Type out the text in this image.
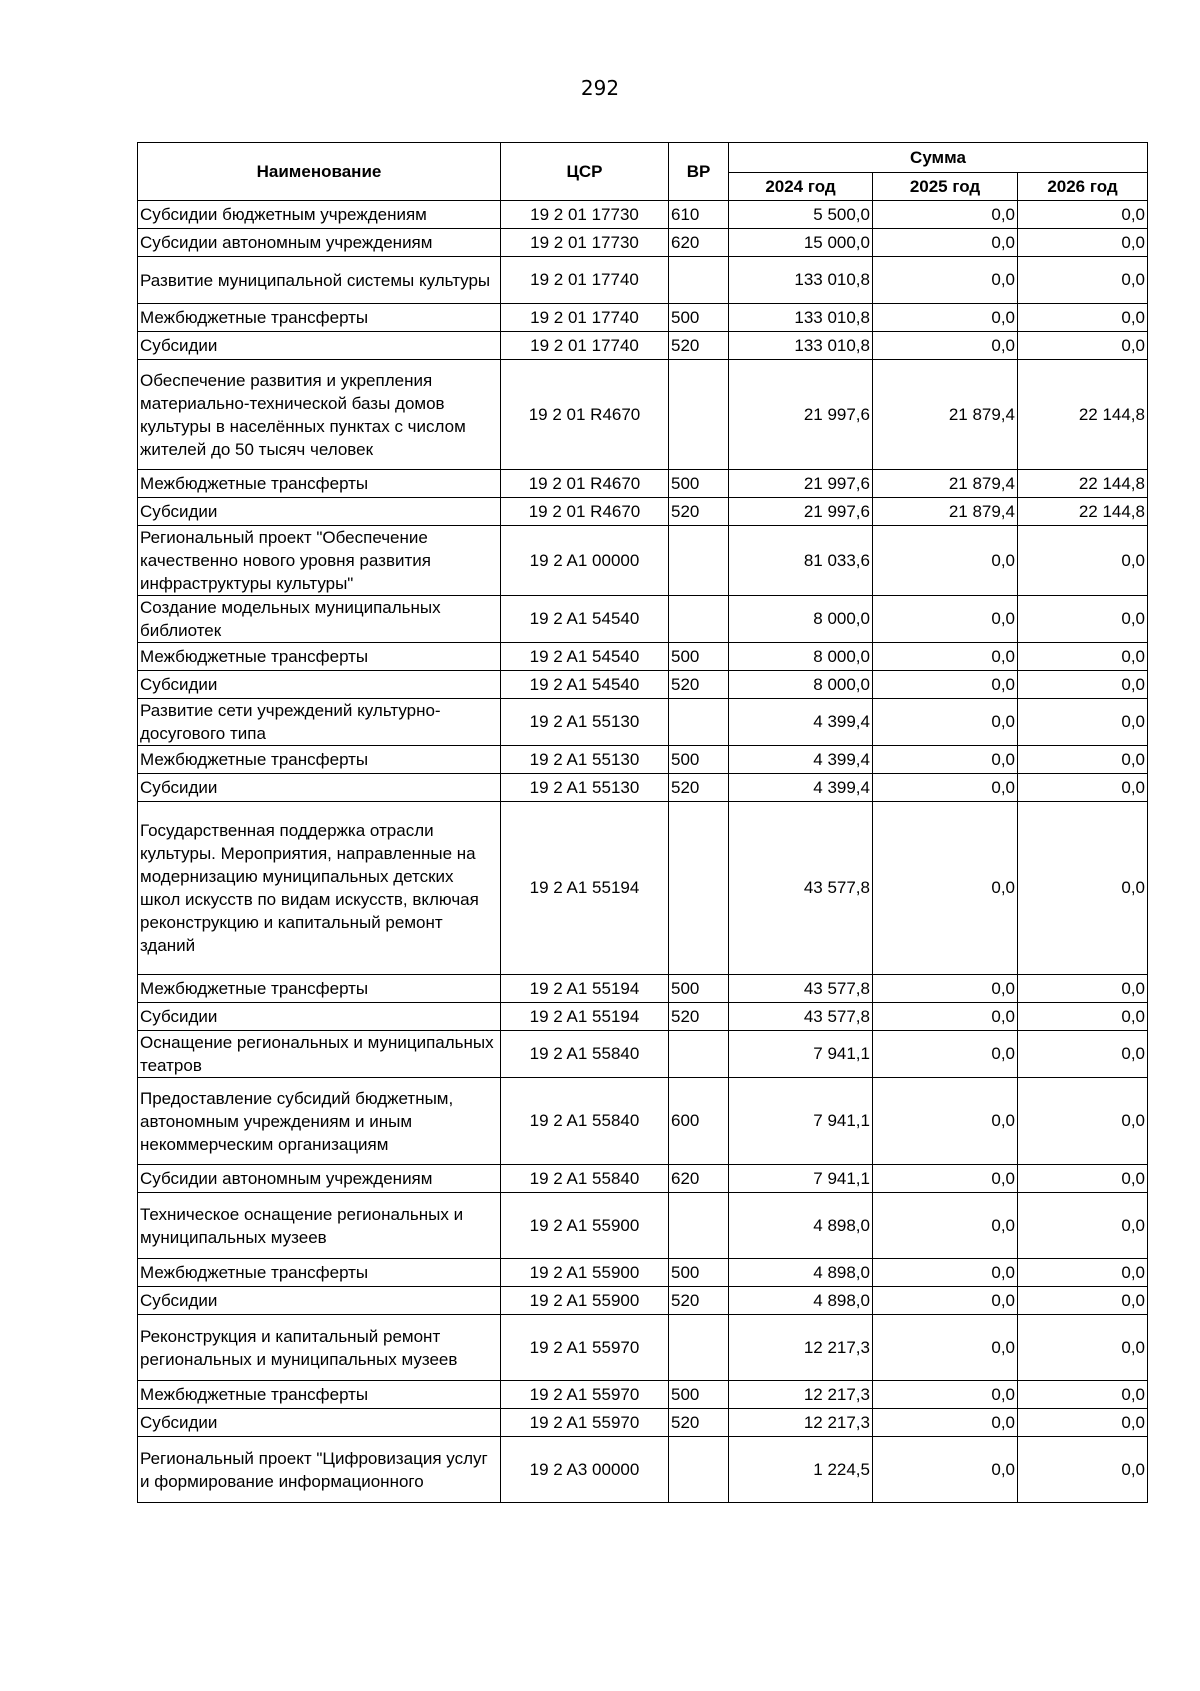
292
Наименование	ЦСР	ВР	Сумма		
			2024 год	2025 год	2026 год
Субсидии бюджетным учреждениям	19 2 01 17730	610	5 500,0	0,0	0,0
Субсидии автономным учреждениям	19 2 01 17730	620	15 000,0	0,0	0,0
Развитие муниципальной системы культуры	19 2 01 17740		133 010,8	0,0	0,0
Межбюджетные трансферты	19 2 01 17740	500	133 010,8	0,0	0,0
Субсидии	19 2 01 17740	520	133 010,8	0,0	0,0
Обеспечение развития и укрепления материально-технической базы домов культуры в населённых пунктах с числом жителей до 50 тысяч человек	19 2 01 R4670		21 997,6	21 879,4	22 144,8
Межбюджетные трансферты	19 2 01 R4670	500	21 997,6	21 879,4	22 144,8
Субсидии	19 2 01 R4670	520	21 997,6	21 879,4	22 144,8
Региональный проект "Обеспечение качественно нового уровня развития инфраструктуры культуры"	19 2 A1 00000		81 033,6	0,0	0,0
Создание модельных муниципальных библиотек	19 2 A1 54540		8 000,0	0,0	0,0
Межбюджетные трансферты	19 2 A1 54540	500	8 000,0	0,0	0,0
Субсидии	19 2 A1 54540	520	8 000,0	0,0	0,0
Развитие сети учреждений культурно-досугового типа	19 2 A1 55130		4 399,4	0,0	0,0
Межбюджетные трансферты	19 2 A1 55130	500	4 399,4	0,0	0,0
Субсидии	19 2 A1 55130	520	4 399,4	0,0	0,0
Государственная поддержка отрасли культуры. Мероприятия, направленные на модернизацию муниципальных детских школ искусств по видам искусств, включая реконструкцию и капитальный ремонт зданий	19 2 A1 55194		43 577,8	0,0	0,0
Межбюджетные трансферты	19 2 A1 55194	500	43 577,8	0,0	0,0
Субсидии	19 2 A1 55194	520	43 577,8	0,0	0,0
Оснащение региональных и муниципальных театров	19 2 A1 55840		7 941,1	0,0	0,0
Предоставление субсидий бюджетным, автономным учреждениям и иным некоммерческим организациям	19 2 A1 55840	600	7 941,1	0,0	0,0
Субсидии автономным учреждениям	19 2 A1 55840	620	7 941,1	0,0	0,0
Техническое оснащение региональных и муниципальных музеев	19 2 A1 55900		4 898,0	0,0	0,0
Межбюджетные трансферты	19 2 A1 55900	500	4 898,0	0,0	0,0
Субсидии	19 2 A1 55900	520	4 898,0	0,0	0,0
Реконструкция и капитальный ремонт региональных и муниципальных музеев	19 2 A1 55970		12 217,3	0,0	0,0
Межбюджетные трансферты	19 2 A1 55970	500	12 217,3	0,0	0,0
Субсидии	19 2 A1 55970	520	12 217,3	0,0	0,0
Региональный проект "Цифровизация услуг и формирование информационного	19 2 A3 00000		1 224,5	0,0	0,0
